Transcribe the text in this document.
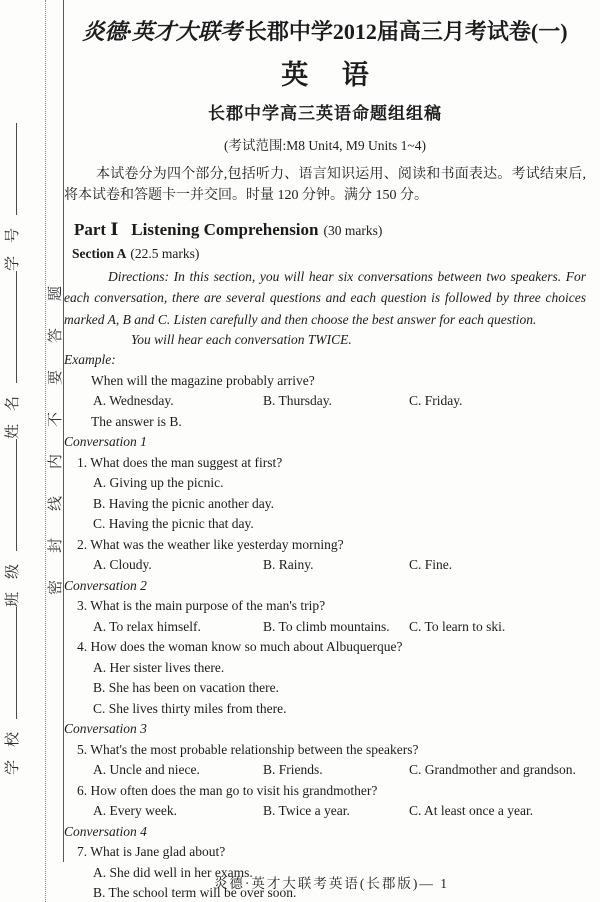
学校班级姓名学号
密封线内不要答题
炎德·英才大联考 长郡中学2012届高三月考试卷(一)
英 语
长郡中学高三英语命题组组稿
(考试范围:M8 Unit4, M9 Units 1~4)

本试卷分为四个部分,包括听力、语言知识运用、阅读和书面表达。考试结束后,将本试卷和答题卡一并交回。时量 120 分钟。满分 150 分。

Part Ⅰ Listening Comprehension (30 marks)
Section A (22.5 marks)

Directions: In this section, you will hear six conversations between two speakers. For each conversation, there are several questions and each question is followed by three choices marked A, B and C. Listen carefully and then choose the best answer for each question.

You will hear each conversation TWICE.

Example:

When will the magazine probably arrive?

A. Wednesday.	B. Thursday.	C. Friday.

The answer is B.

Conversation 1

1. What does the man suggest at first?

A. Giving up the picnic.

B. Having the picnic another day.

C. Having the picnic that day.

2. What was the weather like yesterday morning?

A. Cloudy.	B. Rainy.	C. Fine.

Conversation 2

3. What is the main purpose of the man's trip?

A. To relax himself.	B. To climb mountains.	C. To learn to ski.

4. How does the woman know so much about Albuquerque?

A. Her sister lives there.

B. She has been on vacation there.

C. She lives thirty miles from there.

Conversation 3

5. What's the most probable relationship between the speakers?

A. Uncle and niece.	B. Friends.	C. Grandmother and grandson.

6. How often does the man go to visit his grandmother?

A. Every week.	B. Twice a year.	C. At least once a year.

Conversation 4

7. What is Jane glad about?

A. She did well in her exams.

B. The school term will be over soon.

炎德·英才大联考英语(长郡版)— 1
